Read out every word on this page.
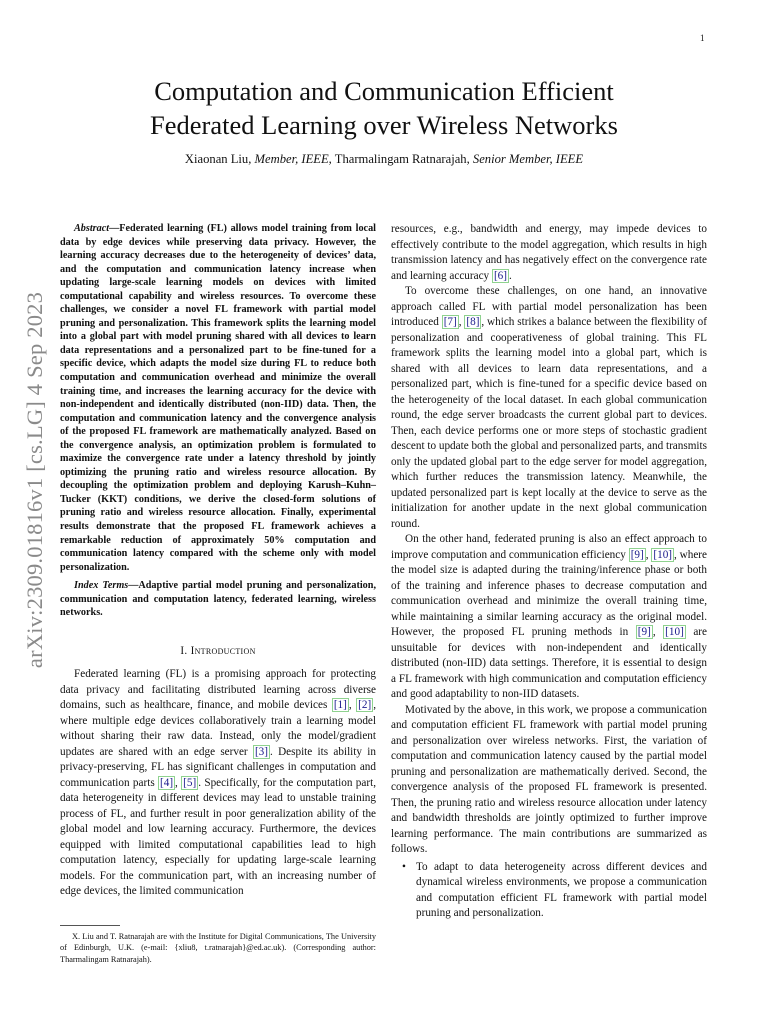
1
arXiv:2309.01816v1 [cs.LG] 4 Sep 2023
Computation and Communication Efficient
Federated Learning over Wireless Networks
Xiaonan Liu, Member, IEEE, Tharmalingam Ratnarajah, Senior Member, IEEE

Abstract—Federated learning (FL) allows model training from local data by edge devices while preserving data privacy. However, the learning accuracy decreases due to the heterogeneity of devices’ data, and the computation and communication latency increase when updating large-scale learning models on devices with limited computational capability and wireless resources. To overcome these challenges, we consider a novel FL framework with partial model pruning and personalization. This framework splits the learning model into a global part with model pruning shared with all devices to learn data representations and a personalized part to be fine-tuned for a specific device, which adapts the model size during FL to reduce both computation and communication overhead and minimize the overall training time, and increases the learning accuracy for the device with non-independent and identically distributed (non-IID) data. Then, the computation and communication latency and the convergence analysis of the proposed FL framework are mathematically analyzed. Based on the convergence analysis, an optimization problem is formulated to maximize the convergence rate under a latency threshold by jointly optimizing the pruning ratio and wireless resource allocation. By decoupling the optimization problem and deploying Karush–Kuhn–Tucker (KKT) conditions, we derive the closed-form solutions of pruning ratio and wireless resource allocation. Finally, experimental results demonstrate that the proposed FL framework achieves a remarkable reduction of approximately 50% computation and communication latency compared with the scheme only with model personalization.

Index Terms—Adaptive partial model pruning and personalization, communication and computation latency, federated learning, wireless networks.

I. Introduction

Federated learning (FL) is a promising approach for protecting data privacy and facilitating distributed learning across diverse domains, such as healthcare, finance, and mobile devices [1] , [2] , where multiple edge devices collaboratively train a learning model without sharing their raw data. Instead, only the model/gradient updates are shared with an edge server [3] . Despite its ability in privacy-preserving, FL has significant challenges in computation and communication parts [4] , [5] . Specifically, for the computation part, data heterogeneity in different devices may lead to unstable training process of FL, and further result in poor generalization ability of the global model and low learning accuracy. Furthermore, the devices equipped with limited computational capabilities lead to high computation latency, especially for updating large-scale learning models. For the communication part, with an increasing number of edge devices, the limited communication

X. Liu and T. Ratnarajah are with the Institute for Digital Communications, The University of Edinburgh, U.K. (e-mail: {xliu8, t.ratnarajah}@ed.ac.uk). (Corresponding author: Tharmalingam Ratnarajah).

resources, e.g., bandwidth and energy, may impede devices to effectively contribute to the model aggregation, which results in high transmission latency and has negatively effect on the convergence rate and learning accuracy [6] .

To overcome these challenges, on one hand, an innovative approach called FL with partial model personalization has been introduced [7] , [8] , which strikes a balance between the flexibility of personalization and cooperativeness of global training. This FL framework splits the learning model into a global part, which is shared with all devices to learn data representations, and a personalized part, which is fine-tuned for a specific device based on the heterogeneity of the local dataset. In each global communication round, the edge server broadcasts the current global part to devices. Then, each device performs one or more steps of stochastic gradient descent to update both the global and personalized parts, and transmits only the updated global part to the edge server for model aggregation, which further reduces the transmission latency. Meanwhile, the updated personalized part is kept locally at the device to serve as the initialization for another update in the next global communication round.

On the other hand, federated pruning is also an effect approach to improve computation and communication efficiency [9] , [10] , where the model size is adapted during the training/inference phase or both of the training and inference phases to decrease computation and communication overhead and minimize the overall training time, while maintaining a similar learning accuracy as the original model. However, the proposed FL pruning methods in [9] , [10] are unsuitable for devices with non-independent and identically distributed (non-IID) data settings. Therefore, it is essential to design a FL framework with high communication and computation efficiency and good adaptability to non-IID datasets.

Motivated by the above, in this work, we propose a communication and computation efficient FL framework with partial model pruning and personalization over wireless networks. First, the variation of computation and communication latency caused by the partial model pruning and personalization are mathematically derived. Second, the convergence analysis of the proposed FL framework is presented. Then, the pruning ratio and wireless resource allocation under latency and bandwidth thresholds are jointly optimized to further improve learning performance. The main contributions are summarized as follows.

• To adapt to data heterogeneity across different devices and dynamical wireless environments, we propose a communication and computation efficient FL framework with partial model pruning and personalization.
